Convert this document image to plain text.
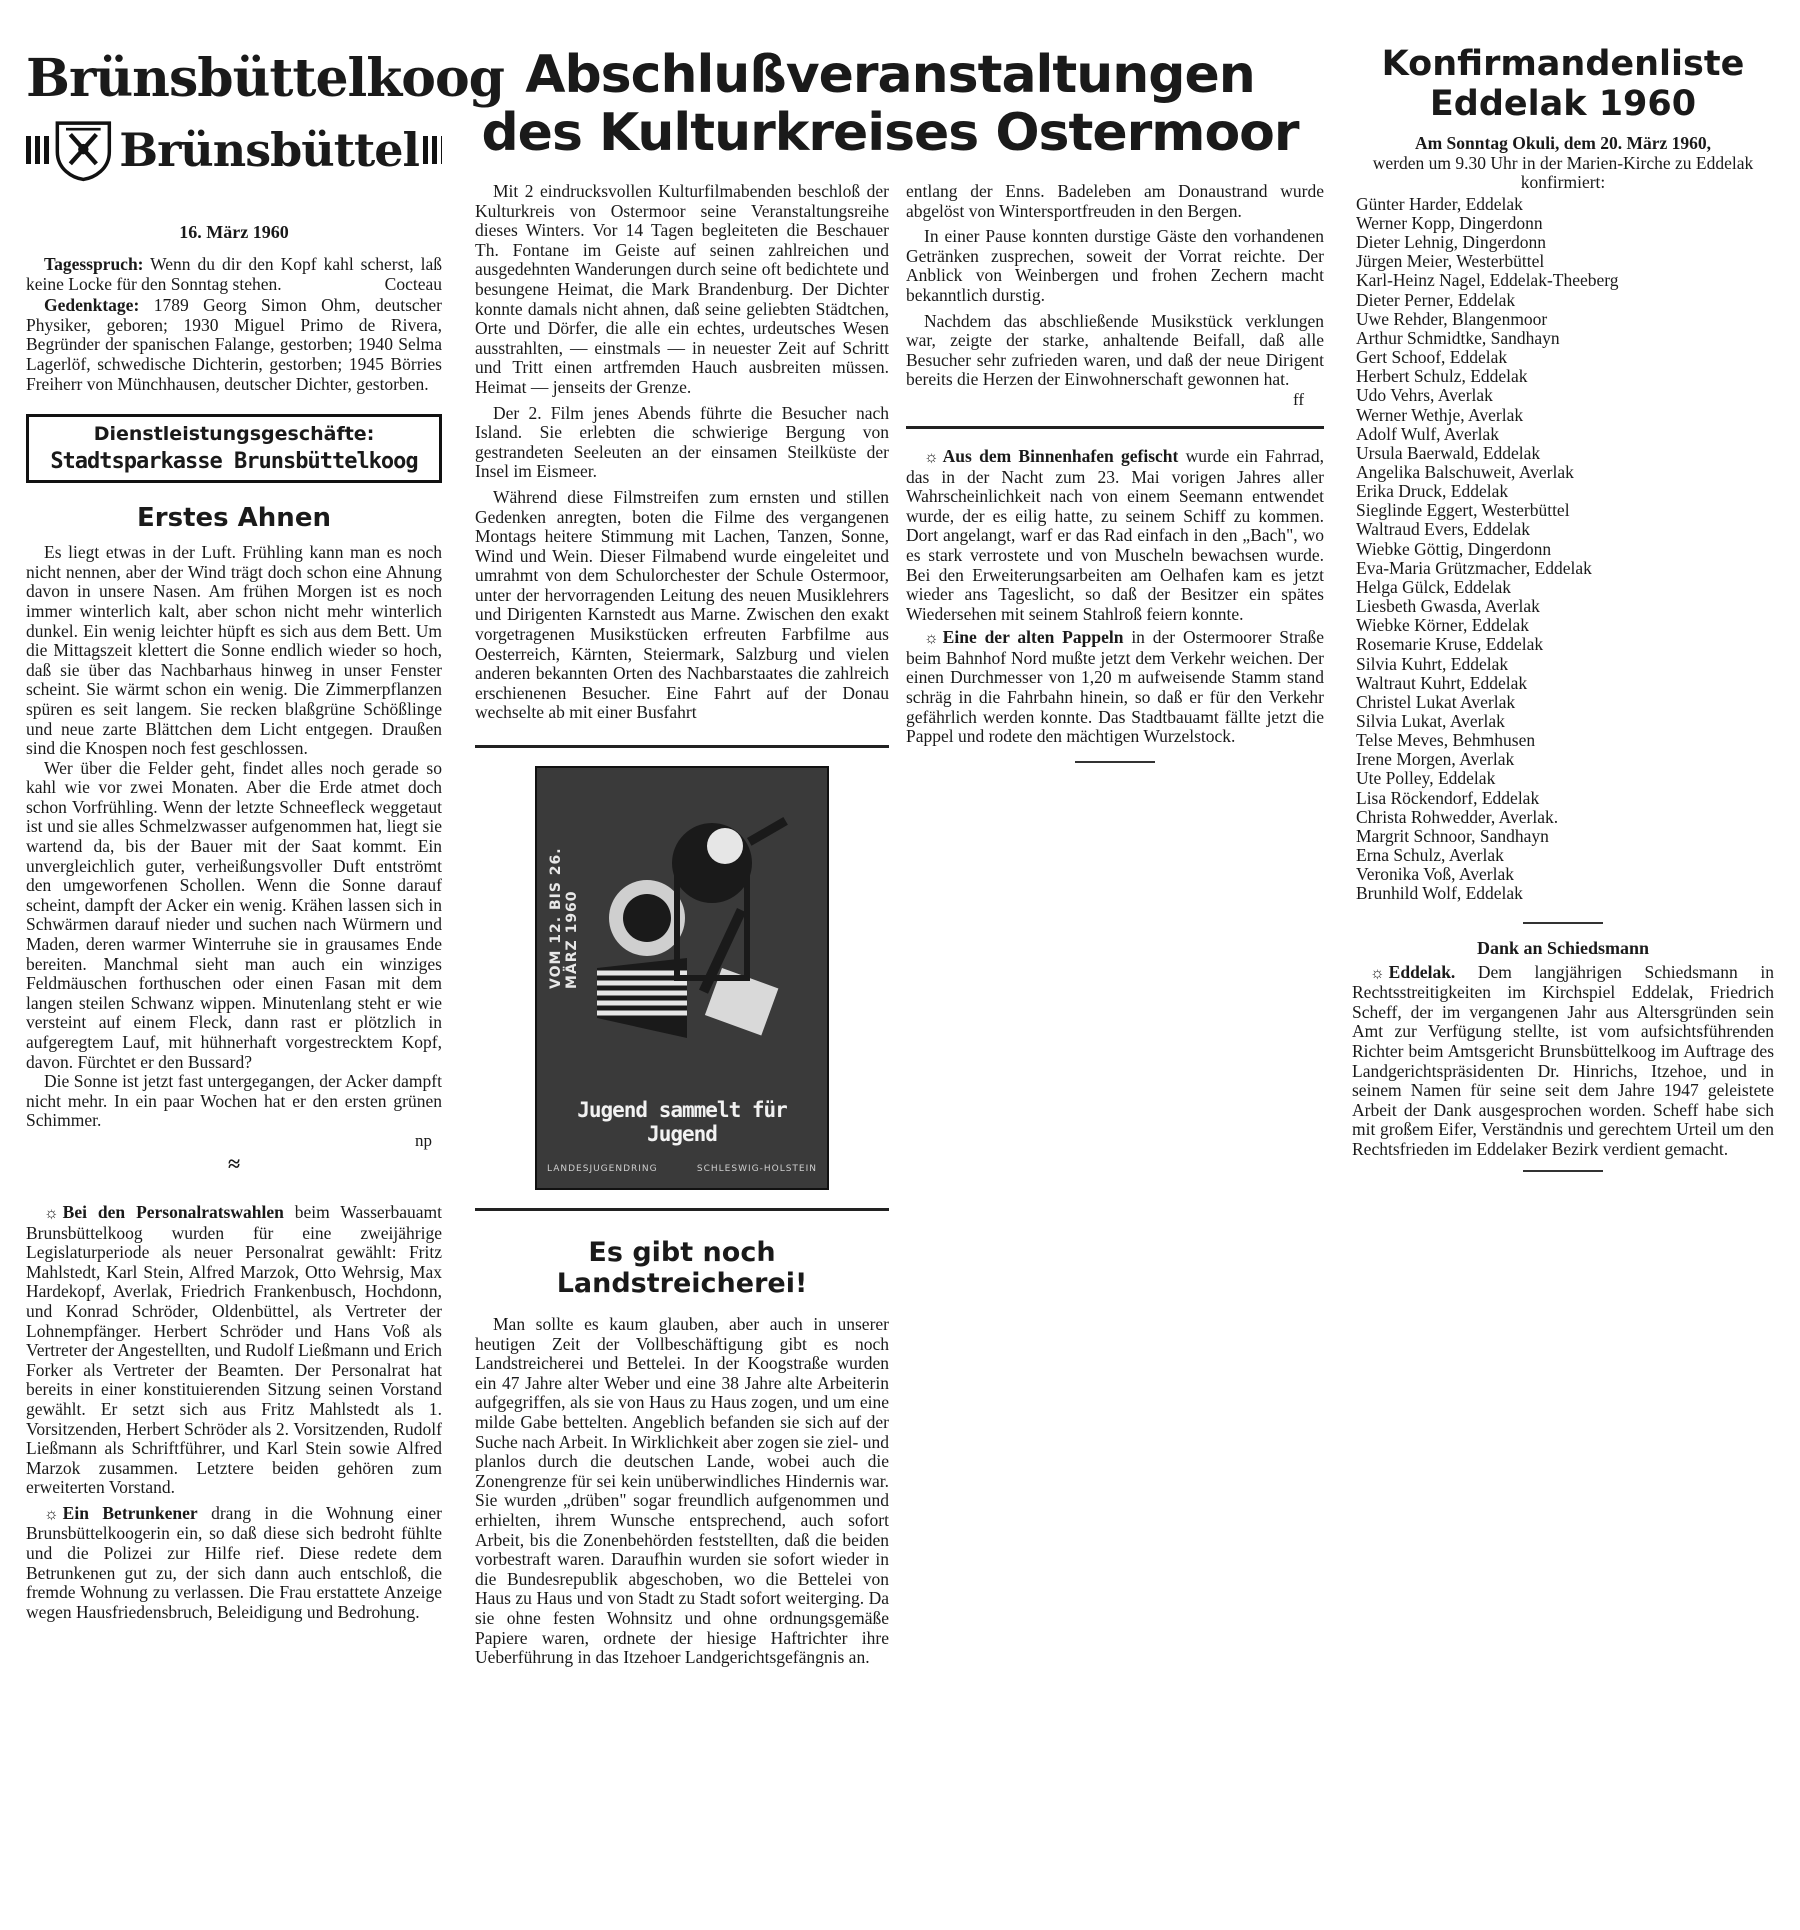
Brünsbüttelkoog
Brünsbüttel
16. März 1960

Tagesspruch: Wenn du dir den Kopf kahl scherst, laß keine Locke für den Sonntag stehen.	Cocteau

Gedenktage: 1789 Georg Simon Ohm, deutscher Physiker, geboren; 1930 Miguel Primo de Rivera, Begründer der spanischen Falange, gestorben; 1940 Selma Lagerlöf, schwedische Dichterin, gestorben; 1945 Börries Freiherr von Münchhausen, deutscher Dichter, gestorben.

Dienstleistungsgeschäfte:
Stadtsparkasse Brunsbüttelkoog
Erstes Ahnen

Es liegt etwas in der Luft. Frühling kann man es noch nicht nennen, aber der Wind trägt doch schon eine Ahnung davon in unsere Nasen. Am frühen Morgen ist es noch immer winterlich kalt, aber schon nicht mehr winterlich dunkel. Ein wenig leichter hüpft es sich aus dem Bett. Um die Mittagszeit klettert die Sonne endlich wieder so hoch, daß sie über das Nachbarhaus hinweg in unser Fenster scheint. Sie wärmt schon ein wenig. Die Zimmerpflanzen spüren es seit langem. Sie recken blaßgrüne Schößlinge und neue zarte Blättchen dem Licht entgegen. Draußen sind die Knospen noch fest geschlossen.

Wer über die Felder geht, findet alles noch gerade so kahl wie vor zwei Monaten. Aber die Erde atmet doch schon Vorfrühling. Wenn der letzte Schneefleck weggetaut ist und sie alles Schmelzwasser aufgenommen hat, liegt sie wartend da, bis der Bauer mit der Saat kommt. Ein unvergleichlich guter, verheißungsvoller Duft entströmt den umgeworfenen Schollen. Wenn die Sonne darauf scheint, dampft der Acker ein wenig. Krähen lassen sich in Schwärmen darauf nieder und suchen nach Würmern und Maden, deren warmer Winterruhe sie in grausames Ende bereiten. Manchmal sieht man auch ein winziges Feldmäuschen forthuschen oder einen Fasan mit dem langen steilen Schwanz wippen. Minutenlang steht er wie versteint auf einem Fleck, dann rast er plötzlich in aufgeregtem Lauf, mit hühnerhaft vorgestrecktem Kopf, davon. Fürchtet er den Bussard?

Die Sonne ist jetzt fast untergegangen, der Acker dampft nicht mehr. In ein paar Wochen hat er den ersten grünen Schimmer.

np
≈

☼ Bei den Personalratswahlen beim Wasserbauamt Brunsbüttelkoog wurden für eine zweijährige Legislaturperiode als neuer Personalrat gewählt: Fritz Mahlstedt, Karl Stein, Alfred Marzok, Otto Wehrsig, Max Hardekopf, Averlak, Friedrich Frankenbusch, Hochdonn, und Konrad Schröder, Oldenbüttel, als Vertreter der Lohnempfänger. Herbert Schröder und Hans Voß als Vertreter der Angestellten, und Rudolf Ließmann und Erich Forker als Vertreter der Beamten. Der Personalrat hat bereits in einer konstituierenden Sitzung seinen Vorstand gewählt. Er setzt sich aus Fritz Mahlstedt als 1. Vorsitzenden, Herbert Schröder als 2. Vorsitzenden, Rudolf Ließmann als Schriftführer, und Karl Stein sowie Alfred Marzok zusammen. Letztere beiden gehören zum erweiterten Vorstand.

☼ Ein Betrunkener drang in die Wohnung einer Brunsbüttelkoogerin ein, so daß diese sich bedroht fühlte und die Polizei zur Hilfe rief. Diese redete dem Betrunkenen gut zu, der sich dann auch entschloß, die fremde Wohnung zu verlassen. Die Frau erstattete Anzeige wegen Hausfriedensbruch, Beleidigung und Bedrohung.

Abschlußveranstaltungen
des Kulturkreises Ostermoor

Mit 2 eindrucksvollen Kulturfilmabenden beschloß der Kulturkreis von Ostermoor seine Veranstaltungsreihe dieses Winters. Vor 14 Tagen begleiteten die Beschauer Th. Fontane im Geiste auf seinen zahlreichen und ausgedehnten Wanderungen durch seine oft bedichtete und besungene Heimat, die Mark Brandenburg. Der Dichter konnte damals nicht ahnen, daß seine geliebten Städtchen, Orte und Dörfer, die alle ein echtes, urdeutsches Wesen ausstrahlten, — einstmals — in neuester Zeit auf Schritt und Tritt einen artfremden Hauch ausbreiten müssen. Heimat — jenseits der Grenze.

Der 2. Film jenes Abends führte die Besucher nach Island. Sie erlebten die schwierige Bergung von gestrandeten Seeleuten an der einsamen Steilküste der Insel im Eismeer.

Während diese Filmstreifen zum ernsten und stillen Gedenken anregten, boten die Filme des vergangenen Montags heitere Stimmung mit Lachen, Tanzen, Sonne, Wind und Wein. Dieser Filmabend wurde eingeleitet und umrahmt von dem Schulorchester der Schule Ostermoor, unter der hervorragenden Leitung des neuen Musiklehrers und Dirigenten Karnstedt aus Marne. Zwischen den exakt vorgetragenen Musikstücken erfreuten Farbfilme aus Oesterreich, Kärnten, Steiermark, Salzburg und vielen anderen bekannten Orten des Nachbarstaates die zahlreich erschienenen Besucher. Eine Fahrt auf der Donau wechselte ab mit einer Busfahrt

VOM 12. BIS 26. MÄRZ 1960
Jugend sammelt für Jugend
LANDESJUGENDRING	SCHLESWIG-HOLSTEIN
Es gibt noch Landstreicherei!

Man sollte es kaum glauben, aber auch in unserer heutigen Zeit der Vollbeschäftigung gibt es noch Landstreicherei und Bettelei. In der Koogstraße wurden ein 47 Jahre alter Weber und eine 38 Jahre alte Arbeiterin aufgegriffen, als sie von Haus zu Haus zogen, und um eine milde Gabe bettelten. Angeblich befanden sie sich auf der Suche nach Arbeit. In Wirklichkeit aber zogen sie ziel- und planlos durch die deutschen Lande, wobei auch die Zonengrenze für sei kein unüberwindliches Hindernis war. Sie wurden „drüben" sogar freundlich aufgenommen und erhielten, ihrem Wunsche entsprechend, auch sofort Arbeit, bis die Zonenbehörden feststellten, daß die beiden vorbestraft waren. Daraufhin wurden sie sofort wieder in die Bundesrepublik abgeschoben, wo die Bettelei von Haus zu Haus und von Stadt zu Stadt sofort weiterging. Da sie ohne festen Wohnsitz und ohne ordnungsgemäße Papiere waren, ordnete der hiesige Haftrichter ihre Ueberführung in das Itzehoer Landgerichtsgefängnis an.

entlang der Enns. Badeleben am Donaustrand wurde abgelöst von Wintersportfreuden in den Bergen.

In einer Pause konnten durstige Gäste den vorhandenen Getränken zusprechen, soweit der Vorrat reichte. Der Anblick von Weinbergen und frohen Zechern macht bekanntlich durstig.

Nachdem das abschließende Musikstück verklungen war, zeigte der starke, anhaltende Beifall, daß alle Besucher sehr zufrieden waren, und daß der neue Dirigent bereits die Herzen der Einwohnerschaft gewonnen hat.

ff

☼ Aus dem Binnenhafen gefischt wurde ein Fahrrad, das in der Nacht zum 23. Mai vorigen Jahres aller Wahrscheinlichkeit nach von einem Seemann entwendet wurde, der es eilig hatte, zu seinem Schiff zu kommen. Dort angelangt, warf er das Rad einfach in den „Bach", wo es stark verrostete und von Muscheln bewachsen wurde. Bei den Erweiterungsarbeiten am Oelhafen kam es jetzt wieder ans Tageslicht, so daß der Besitzer ein spätes Wiedersehen mit seinem Stahlroß feiern konnte.

☼ Eine der alten Pappeln in der Ostermoorer Straße beim Bahnhof Nord mußte jetzt dem Verkehr weichen. Der einen Durchmesser von 1,20 m aufweisende Stamm stand schräg in die Fahrbahn hinein, so daß er für den Verkehr gefährlich werden konnte. Das Stadtbauamt fällte jetzt die Pappel und rodete den mächtigen Wurzelstock.

Konfirmandenliste
Eddelak 1960
Am Sonntag Okuli, dem 20. März 1960,
werden um 9.30 Uhr in der Marien-Kirche zu Eddelak konfirmiert:
Günter Harder, Eddelak
Werner Kopp, Dingerdonn
Dieter Lehnig, Dingerdonn
Jürgen Meier, Westerbüttel
Karl-Heinz Nagel, Eddelak-Theeberg
Dieter Perner, Eddelak
Uwe Rehder, Blangenmoor
Arthur Schmidtke, Sandhayn
Gert Schoof, Eddelak
Herbert Schulz, Eddelak
Udo Vehrs, Averlak
Werner Wethje, Averlak
Adolf Wulf, Averlak
Ursula Baerwald, Eddelak
Angelika Balschuweit, Averlak
Erika Druck, Eddelak
Sieglinde Eggert, Westerbüttel
Waltraud Evers, Eddelak
Wiebke Göttig, Dingerdonn
Eva-Maria Grützmacher, Eddelak
Helga Gülck, Eddelak
Liesbeth Gwasda, Averlak
Wiebke Körner, Eddelak
Rosemarie Kruse, Eddelak
Silvia Kuhrt, Eddelak
Waltraut Kuhrt, Eddelak
Christel Lukat Averlak
Silvia Lukat, Averlak
Telse Meves, Behmhusen
Irene Morgen, Averlak
Ute Polley, Eddelak
Lisa Röckendorf, Eddelak
Christa Rohwedder, Averlak.
Margrit Schnoor, Sandhayn
Erna Schulz, Averlak
Veronika Voß, Averlak
Brunhild Wolf, Eddelak
Dank an Schiedsmann

☼ Eddelak. Dem langjährigen Schiedsmann in Rechtsstreitigkeiten im Kirchspiel Eddelak, Friedrich Scheff, der im vergangenen Jahr aus Altersgründen sein Amt zur Verfügung stellte, ist vom aufsichtsführenden Richter beim Amtsgericht Brunsbüttelkoog im Auftrage des Landgerichtspräsidenten Dr. Hinrichs, Itzehoe, und in seinem Namen für seine seit dem Jahre 1947 geleistete Arbeit der Dank ausgesprochen worden. Scheff habe sich mit großem Eifer, Verständnis und gerechtem Urteil um den Rechtsfrieden im Eddelaker Bezirk verdient gemacht.
